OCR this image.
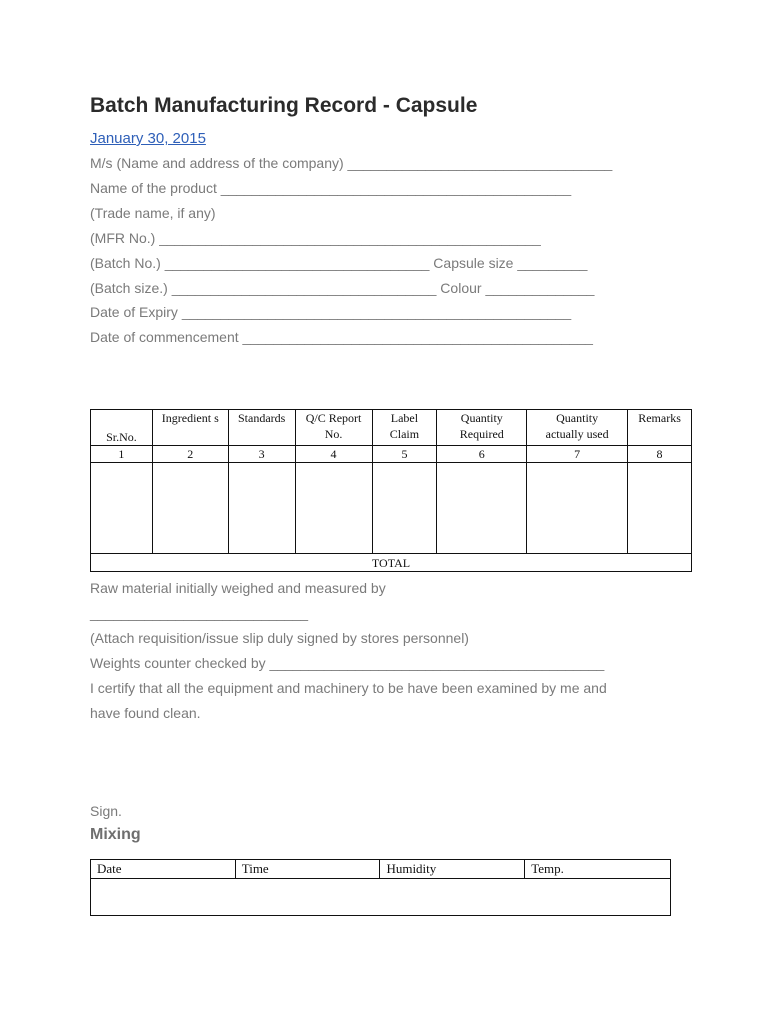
Batch Manufacturing Record - Capsule
January 30, 2015
M/s (Name and address of the company) __________________________________
Name of the product _____________________________________________
(Trade name, if any)
(MFR No.) _________________________________________________
(Batch No.) __________________________________ Capsule size _________
(Batch size.) __________________________________ Colour ______________
Date of Expiry __________________________________________________
Date of commencement _____________________________________________
Sr.No.	Ingredient s	Standards	Q/C Report No.	Label Claim	Quantity Required	Quantity actually used	Remarks
1	2	3	4	5	6	7	8

TOTAL							
Raw material initially weighed and measured by
____________________________
(Attach requisition/issue slip duly signed by stores personnel)
Weights counter checked by ___________________________________________
I certify that all the equipment and machinery to be have been examined by me and
have found clean.
Sign.
Mixing
Date	Time	Humidity	Temp.
